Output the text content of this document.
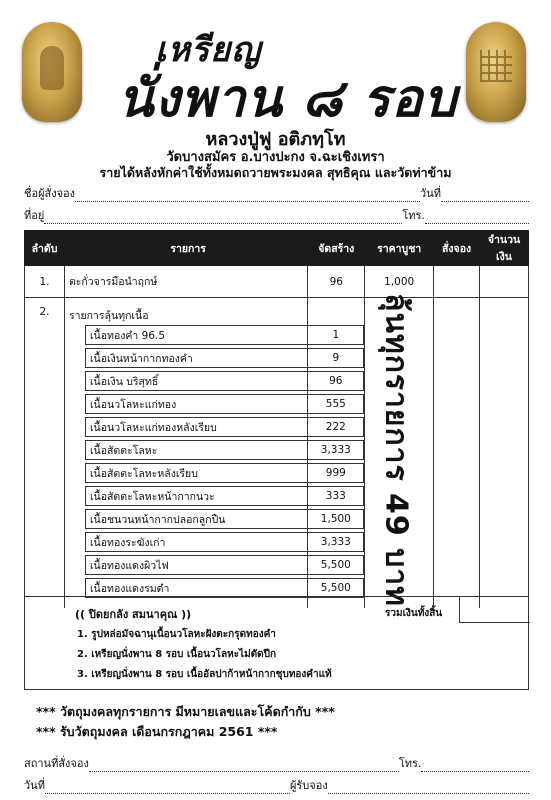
เหรียญ
นั่งพาน ๘ รอบ
หลวงปู่ฟู อติภทฺโท
วัดบางสมัคร อ.บางปะกง จ.ฉะเชิงเทรา
รายได้หลังหักค่าใช้ทั้งหมดถวายพระมงคล สุทธิคุณ และวัดท่าข้าม
ชื่อผู้สั่งจอง	วันที่
ที่อยู่	โทร.
ลำดับ	รายการ	จัดสร้าง	ราคาบูชา	สั่งจอง	จำนวนเงิน
1.	ตะกั่วจารมือนำฤกษ์	96	1,000		
2.	รายการลุ้นทุกเนื้อ				

เนื้อทองคำ 96.5	1			

เนื้อเงินหน้ากากทองคำ	9			

เนื้อเงิน บริสุทธิ์	96			

เนื้อนวโลหะแก่ทอง	555			

เนื้อนวโลหะแก่ทองหลังเรียบ	222			

เนื้อสัตตะโลหะ	3,333			

เนื้อสัตตะโลหะหลังเรียบ	999			

เนื้อสัตตะโลหะหน้ากากนวะ	333			

เนื้อชนวนหน้ากากปลอกลูกปืน	1,500			

เนื้อทองระฆังเก่า	3,333			

เนื้อทองแดงผิวไฟ	5,500			

เนื้อทองแดงรมดำ	5,500			

					ลุ้นทุกรายการ 49 บาท
(( ปิดยกลัง สมนาคุณ ))	รวมเงินทั้งสิ้น
1. รูปหล่อมัจฉานุเนื้อนวโลหะฝังตะกรุดทองคำ
2. เหรียญนั่งพาน 8 รอบ เนื้อนวโลหะไม่ตัดปีก
3. เหรียญนั่งพาน 8 รอบ เนื้ออัลปาก้าหน้ากากชุบทองคำแท้
*** วัตถุมงคลทุกรายการ มีหมายเลขและโค้ดกำกับ ***
*** รับวัตถุมงคล เดือนกรกฎาคม 2561 ***
สถานที่สั่งจอง	โทร.
วันที่	ผู้รับจอง
